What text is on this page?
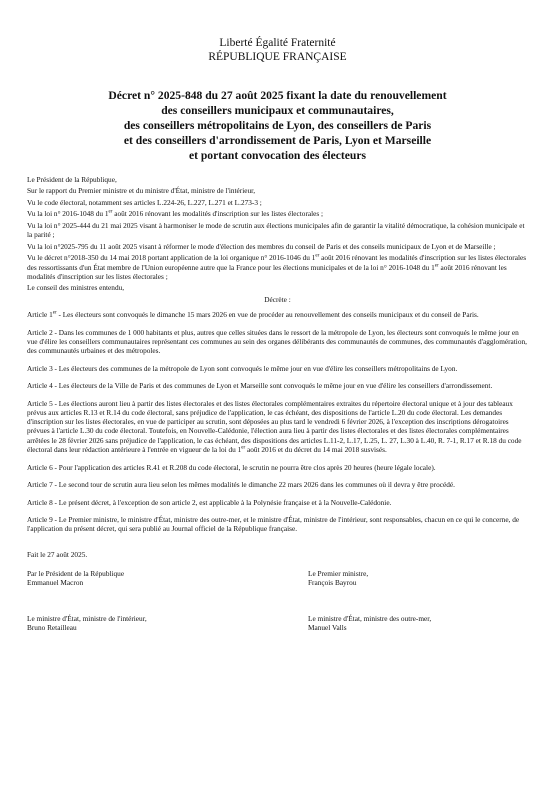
Liberté Égalité Fraternité

RÉPUBLIQUE FRANÇAISE

Décret n° 2025-848 du 27 août 2025 fixant la date du renouvellement
des conseillers municipaux et communautaires,
des conseillers métropolitains de Lyon, des conseillers de Paris
et des conseillers d'arrondissement de Paris, Lyon et Marseille
et portant convocation des électeurs

Le Président de la République,

Sur le rapport du Premier ministre et du ministre d'État, ministre de l'intérieur,

Vu le code électoral, notamment ses articles L.224-26, L.227, L.271 et L.273-3 ;

Vu la loi n° 2016-1048 du 1er août 2016 rénovant les modalités d'inscription sur les listes électorales ;

Vu la loi n° 2025-444 du 21 mai 2025 visant à harmoniser le mode de scrutin aux élections municipales afin de garantir la vitalité démocratique, la cohésion municipale et la parité ;

Vu la loi n°2025-795 du 11 août 2025 visant à réformer le mode d'élection des membres du conseil de Paris et des conseils municipaux de Lyon et de Marseille ;

Vu le décret n°2018-350 du 14 mai 2018 portant application de la loi organique n° 2016-1046 du 1er août 2016 rénovant les modalités d'inscription sur les listes électorales des ressortissants d'un État membre de l'Union européenne autre que la France pour les élections municipales et de la loi n° 2016-1048 du 1er août 2016 rénovant les modalités d'inscription sur les listes électorales ;

Le conseil des ministres entendu,

Décrète :

Article 1er - Les électeurs sont convoqués le dimanche 15 mars 2026 en vue de procéder au renouvellement des conseils municipaux et du conseil de Paris.

Article 2 - Dans les communes de 1 000 habitants et plus, autres que celles situées dans le ressort de la métropole de Lyon, les électeurs sont convoqués le même jour en vue d'élire les conseillers communautaires représentant ces communes au sein des organes délibérants des communautés de communes, des communautés d'agglomération, des communautés urbaines et des métropoles.

Article 3 - Les électeurs des communes de la métropole de Lyon sont convoqués le même jour en vue d'élire les conseillers métropolitains de Lyon.

Article 4 - Les électeurs de la Ville de Paris et des communes de Lyon et Marseille sont convoqués le même jour en vue d'élire les conseillers d'arrondissement.

Article 5 - Les élections auront lieu à partir des listes électorales et des listes électorales complémentaires extraites du répertoire électoral unique et à jour des tableaux prévus aux articles R.13 et R.14 du code électoral, sans préjudice de l'application, le cas échéant, des dispositions de l'article L.20 du code électoral. Les demandes d'inscription sur les listes électorales, en vue de participer au scrutin, sont déposées au plus tard le vendredi 6 février 2026, à l'exception des inscriptions dérogatoires prévues à l'article L.30 du code électoral. Toutefois, en Nouvelle-Calédonie, l'élection aura lieu à partir des listes électorales et des listes électorales complémentaires arrêtées le 28 février 2026 sans préjudice de l'application, le cas échéant, des dispositions des articles L.11-2, L.17, L.25, L. 27, L.30 à L.40, R. 7-1, R.17 et R.18 du code électoral dans leur rédaction antérieure à l'entrée en vigueur de la loi du 1er août 2016 et du décret du 14 mai 2018 susvisés.

Article 6 - Pour l'application des articles R.41 et R.208 du code électoral, le scrutin ne pourra être clos après 20 heures (heure légale locale).

Article 7 - Le second tour de scrutin aura lieu selon les mêmes modalités le dimanche 22 mars 2026 dans les communes où il devra y être procédé.

Article 8 - Le présent décret, à l'exception de son article 2, est applicable à la Polynésie française et à la Nouvelle-Calédonie.

Article 9 - Le Premier ministre, le ministre d'État, ministre des outre-mer, et le ministre d'État, ministre de l'intérieur, sont responsables, chacun en ce qui le concerne, de l'application du présent décret, qui sera publié au Journal officiel de la République française.

Fait le 27 août 2025.

Par le Président de la République
Emmanuel Macron
Le Premier ministre,
François Bayrou
Le ministre d'État, ministre de l'intérieur,
Bruno Retailleau
Le ministre d'État, ministre des outre-mer,
Manuel Valls
